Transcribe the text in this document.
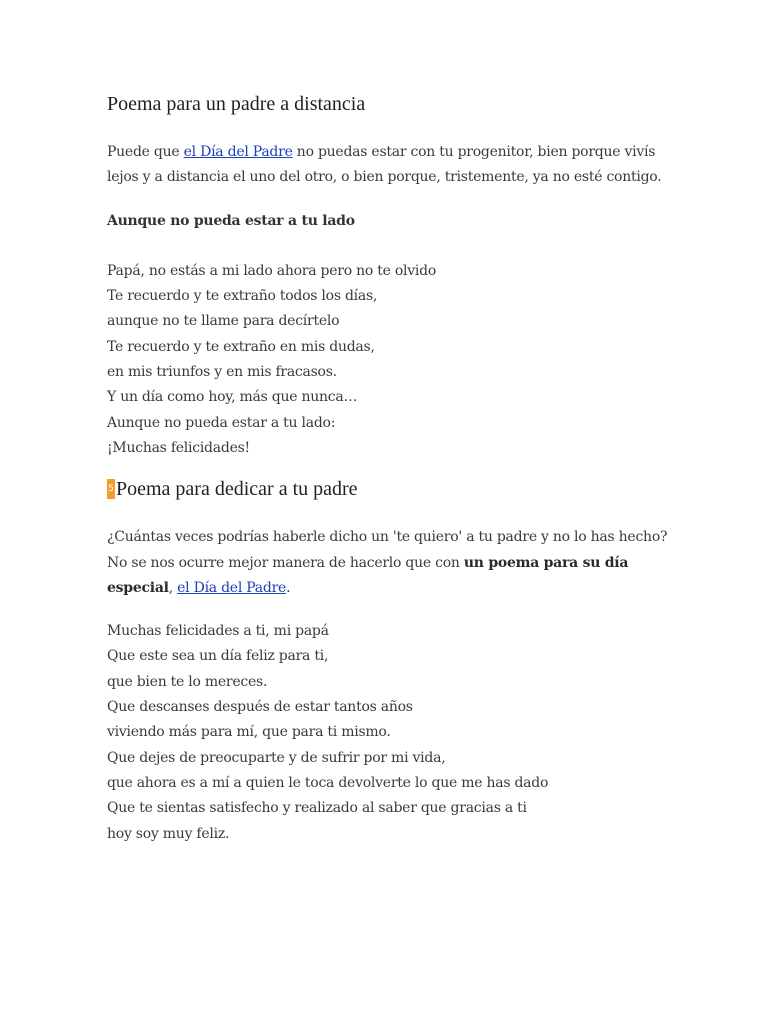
Poema para un padre a distancia

Puede que el Día del Padre no puedas estar con tu progenitor, bien porque vivís
lejos y a distancia el uno del otro, o bien porque, tristemente, ya no esté contigo.

Aunque no pueda estar a tu lado

Papá, no estás a mi lado ahora pero no te olvido
Te recuerdo y te extraño todos los días,
aunque no te llame para decírtelo
Te recuerdo y te extraño en mis dudas,
en mis triunfos y en mis fracasos.
Y un día como hoy, más que nunca…
Aunque no pueda estar a tu lado:
¡Muchas felicidades!

5 Poema para dedicar a tu padre

¿Cuántas veces podrías haberle dicho un 'te quiero' a tu padre y no lo has hecho?
No se nos ocurre mejor manera de hacerlo que con un poema para su día
especial, el Día del Padre.

Muchas felicidades a ti, mi papá
Que este sea un día feliz para ti,
que bien te lo mereces.
Que descanses después de estar tantos años
viviendo más para mí, que para ti mismo.
Que dejes de preocuparte y de sufrir por mi vida,
que ahora es a mí a quien le toca devolverte lo que me has dado
Que te sientas satisfecho y realizado al saber que gracias a ti
hoy soy muy feliz.
